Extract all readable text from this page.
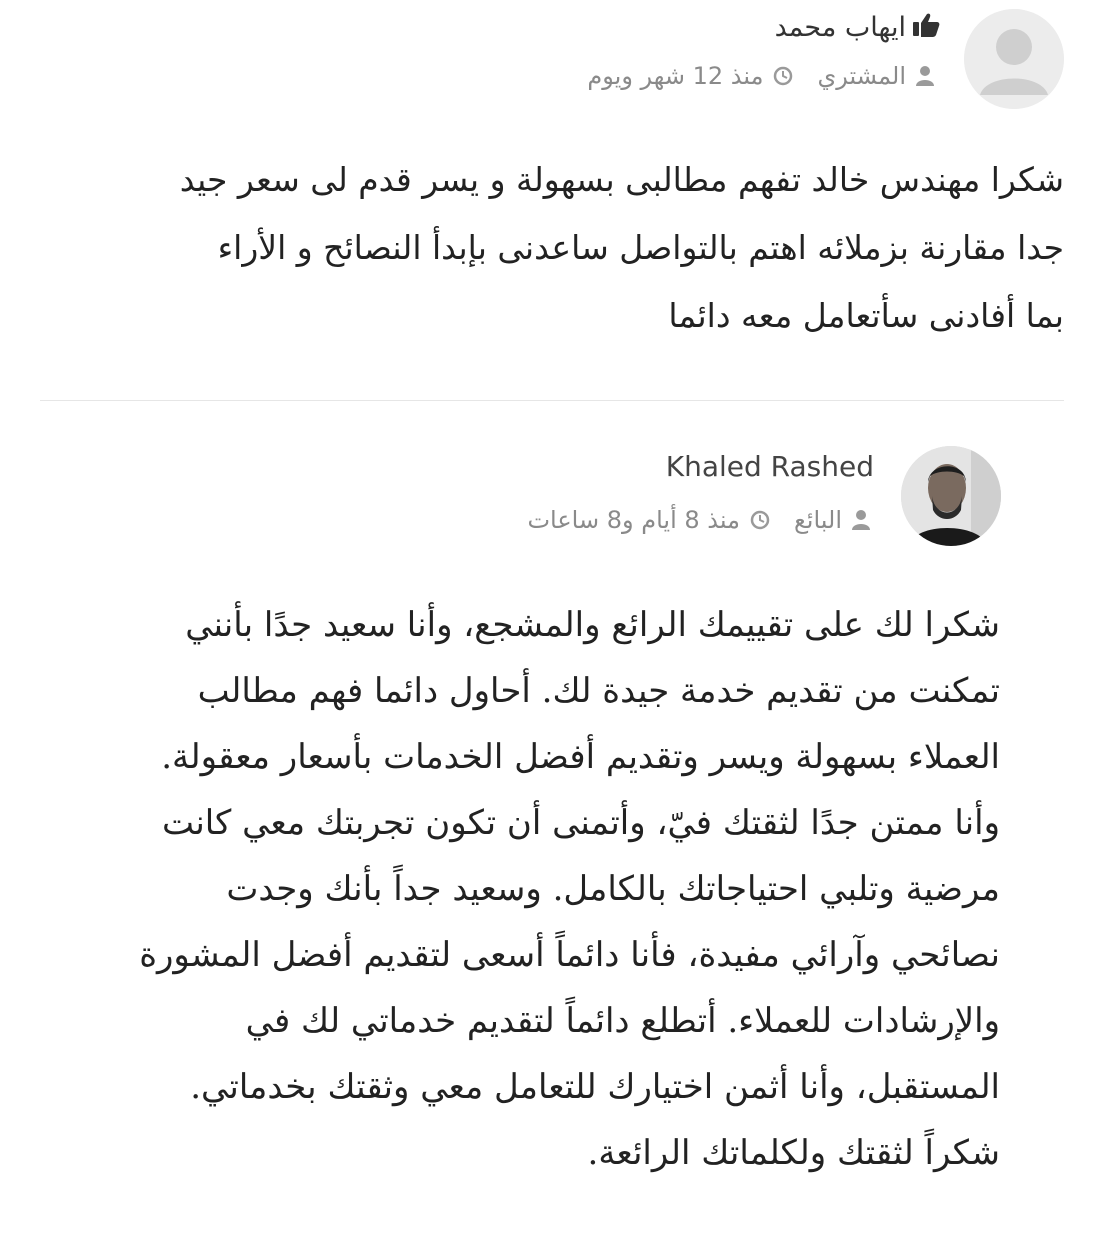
ايهاب محمد
المشتري
منذ 12 شهر ويوم
شكرا مهندس خالد تفهم مطالبى بسهولة و يسر قدم لى سعر جيد
جدا مقارنة بزملائه اهتم بالتواصل ساعدنى بإبدأ النصائح و الأراء
بما أفادنى سأتعامل معه دائما
Khaled Rashed
البائع
منذ 8 أيام و8 ساعات
شكرا لك على تقييمك الرائع والمشجع، وأنا سعيد جدًا بأنني
تمكنت من تقديم خدمة جيدة لك. أحاول دائما فهم مطالب
العملاء بسهولة ويسر وتقديم أفضل الخدمات بأسعار معقولة.
وأنا ممتن جدًا لثقتك فيّ، وأتمنى أن تكون تجربتك معي كانت
مرضية وتلبي احتياجاتك بالكامل. وسعيد جداً بأنك وجدت
نصائحي وآرائي مفيدة، فأنا دائماً أسعى لتقديم أفضل المشورة
والإرشادات للعملاء. أتطلع دائماً لتقديم خدماتي لك في
المستقبل، وأنا أثمن اختيارك للتعامل معي وثقتك بخدماتي.
شكراً لثقتك ولكلماتك الرائعة.
